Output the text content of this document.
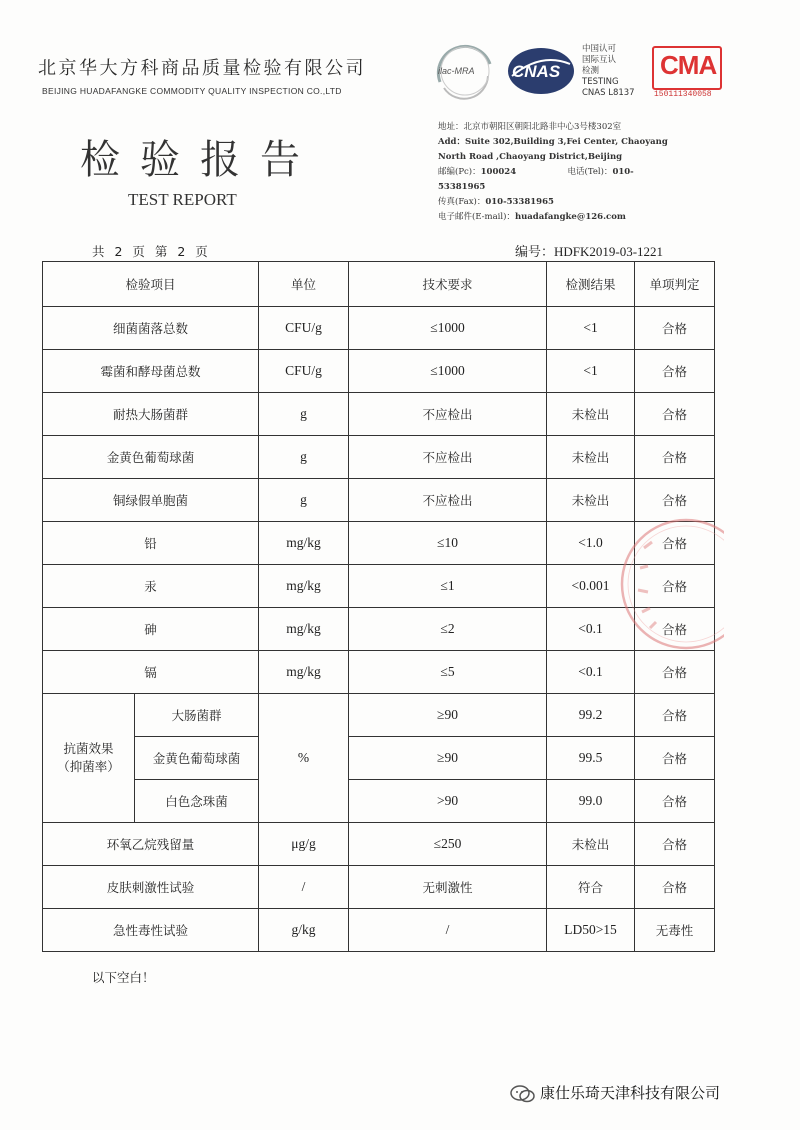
北京华大方科商品质量检验有限公司
BEIJING HUADAFANGKE COMMODITY QUALITY INSPECTION CO.,LTD
检验报告
TEST REPORT
ilac-MRA CNAS
中国认可
国际互认
检测
TESTING
CNAS L8137
CMA
150111340058
地址：北京市朝阳区朝阳北路非中心3号楼302室
Add：Suite 302,Building 3,Fei Center, Chaoyang North Road ,Chaoyang District,Beijing
邮编(Pc)：100024	电话(Tel)：010-53381965
传真(Fax)：010-53381965
电子邮件(E-mail)：huadafangke@126.com
共 2 页 第 2 页	编号：HDFK2019-03-1221
检验项目		单位	技术要求	检测结果	单项判定
细菌菌落总数		CFU/g	≤1000	<1	合格
霉菌和酵母菌总数		CFU/g	≤1000	<1	合格
耐热大肠菌群		g	不应检出	未检出	合格
金黄色葡萄球菌		g	不应检出	未检出	合格
铜绿假单胞菌		g	不应检出	未检出	合格
铅		mg/kg	≤10	<1.0	合格
汞		mg/kg	≤1	<0.001	合格
砷		mg/kg	≤2	<0.1	合格
镉		mg/kg	≤5	<0.1	合格
抗菌效果
（抑菌率）	大肠菌群	%	≥90	99.2	合格
	金黄色葡萄球菌		≥90	99.5	合格
	白色念珠菌		>90	99.0	合格
环氧乙烷残留量		μg/g	≤250	未检出	合格
皮肤刺激性试验		/	无刺激性	符合	合格
急性毒性试验		g/kg	/	LD50>15	无毒性
以下空白！
康仕乐琦天津科技有限公司
